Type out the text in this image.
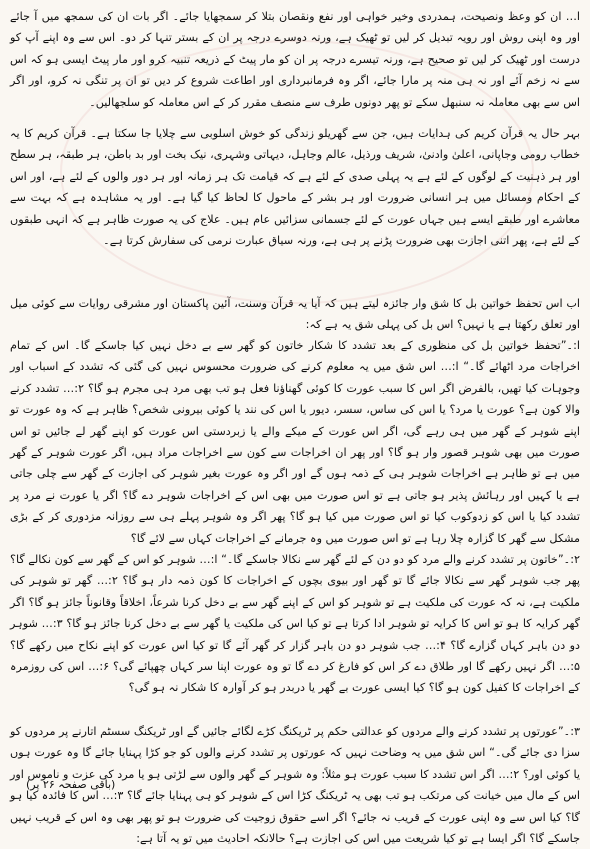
ا… ان کو وعظ ونصیحت، ہمدردی وخیر خواہی اور نفع ونقصان بتلا کر سمجھایا جائے۔ اگر بات ان کی سمجھ میں آ جائے اور وہ اپنی روش اور رویہ تبدیل کر لیں تو ٹھیک ہے، ورنہ دوسرے درجہ پر ان کے بستر تنہا کر دو۔ اس سے وہ اپنے آپ کو درست اور ٹھیک کر لیں تو صحیح ہے، ورنہ تیسرے درجہ پر ان کو مار پیٹ کے ذریعہ تنبیہ کرو اور مار پیٹ ایسی ہو کہ اس سے نہ زخم آئے اور نہ ہی منہ پر مارا جائے، اگر وہ فرمانبرداری اور اطاعت شروع کر دیں تو ان پر تنگی نہ کرو، اور اگر اس سے بھی معاملہ نہ سنبھل سکے تو پھر دونوں طرف سے منصف مقرر کر کے اس معاملہ کو سلجھالیں۔

بہر حال یہ قرآن کریم کی ہدایات ہیں، جن سے گھریلو زندگی کو خوش اسلوبی سے چلایا جا سکتا ہے۔ قرآن کریم کا یہ خطاب رومی وجاپانی، اعلیٰ وادنیٰ، شریف ورذیل، عالم وجاہل، دیہاتی وشہری، نیک بخت اور بد باطن، ہر طبقہ، ہر سطح اور ہر ذہنیت کے لوگوں کے لئے ہے یہ پہلی صدی کے لئے ہے کہ قیامت تک ہر زمانہ اور ہر دور والوں کے لئے ہے، اور اس کے احکام ومسائل میں ہر انسانی ضرورت اور ہر بشر کے ماحول کا لحاظ کیا گیا ہے۔ اور یہ مشاہدہ ہے کہ بہت سے معاشرے اور طبقے ایسے ہیں جہاں عورت کے لئے جسمانی سزائیں عام ہیں۔ علاج کی یہ صورت ظاہر ہے کہ انہی طبقوں کے لئے ہے، پھر اتنی اجازت بھی ضرورت پڑنے پر ہی ہے، ورنہ سیاق عبارت نرمی کی سفارش کرتا ہے۔

اب اس تحفظ خواتین بل کا شق وار جائزہ لیتے ہیں کہ آیا یہ قرآن وسنت، آئین پاکستان اور مشرقی روایات سے کوئی میل اور تعلق رکھتا ہے یا نہیں؟ اس بل کی پہلی شق یہ ہے کہ:

ا:۔”تحفظ خواتین بل کی منظوری کے بعد تشدد کا شکار خاتون کو گھر سے بے دخل نہیں کیا جاسکے گا۔ اس کے تمام اخراجات مرد اٹھائے گا۔“ ا:… اس شق میں یہ معلوم کرنے کی ضرورت محسوس نہیں کی گئی کہ تشدد کے اسباب اور وجوہات کیا تھیں، بالفرض اگر اس کا سبب عورت کا کوئی گھناؤنا فعل ہو تب بھی مرد ہی مجرم ہو گا؟ ۲:… تشدد کرنے والا کون ہے؟ عورت یا مرد؟ یا اس کی ساس، سسر، دیور یا اس کی نند یا کوئی بیرونی شخص؟ ظاہر ہے کہ وہ عورت تو اپنے شوہر کے گھر میں ہی رہے گی، اگر اس عورت کے میکے والے یا زبردستی اس عورت کو اپنے گھر لے جائیں تو اس صورت میں بھی شوہر قصور وار ہو گا؟ اور پھر ان اخراجات سے کون سے اخراجات مراد ہیں، اگر عورت شوہر کے گھر میں ہے تو ظاہر ہے اخراجات شوہر ہی کے ذمہ ہوں گے اور اگر وہ عورت بغیر شوہر کی اجازت کے گھر سے چلی جاتی ہے یا کہیں اور رہائش پذیر ہو جاتی ہے تو اس صورت میں بھی اس کے اخراجات شوہر دے گا؟ اگر یا عورت نے مرد پر تشدد کیا یا اس کو زدوکوب کیا تو اس صورت میں کیا ہو گا؟ پھر اگر وہ شوہر پہلے ہی سے روزانہ مزدوری کر کے بڑی مشکل سے گھر کا گزارہ چلا رہا ہے تو اس صورت میں وہ جرمانے کے اخراجات کہاں سے لائے گا؟

۲:۔”خاتون پر تشدد کرنے والے مرد کو دو دن کے لئے گھر سے نکالا جاسکے گا۔“ ا:… شوہر کو اس کے گھر سے کون نکالے گا؟ پھر جب شوہر گھر سے نکالا جائے گا تو گھر اور بیوی بچوں کے اخراجات کا کون ذمہ دار ہو گا؟ ۲:… گھر تو شوہر کی ملکیت ہے، نہ کہ عورت کی ملکیت ہے تو شوہر کو اس کے اپنے گھر سے بے دخل کرنا شرعاً، اخلاقاً وقانوناً جائز ہو گا؟ اگر گھر کرایہ کا ہو تو اس کا کرایہ تو شوہر ادا کرتا ہے تو کیا اس کی ملکیت یا گھر سے بے دخل کرنا جائز ہو گا؟ ۳:… شوہر دو دن باہر کہاں گزارے گا؟ ۴:… جب شوہر دو دن باہر گزار کر گھر آئے گا تو کیا اس عورت کو اپنے نکاح میں رکھے گا؟ ۵:… اگر نہیں رکھے گا اور طلاق دے کر اس کو فارغ کر دے گا تو وہ عورت اپنا سر کہاں چھپائے گی؟ ۶:… اس کی روزمرہ کے اخراجات کا کفیل کون ہو گا؟ کیا ایسی عورت بے گھر یا دربدر ہو کر آوارہ کا شکار نہ ہو گی؟

۳:۔”عورتوں پر تشدد کرنے والے مردوں کو عدالتی حکم پر ٹریکنگ کڑے لگائے جائیں گے اور ٹریکنگ سسٹم اتارنے پر مردوں کو سزا دی جائے گی۔“ اس شق میں یہ وضاحت نہیں کہ عورتوں پر تشدد کرنے والوں کو جو کڑا پہنایا جائے گا وہ عورت ہوں یا کوئی اور؟ ۲:… اگر اس تشدد کا سبب عورت ہو مثلاً: وہ شوہر کے گھر والوں سے لڑتی ہو یا مرد کی عزت و ناموس اور اس کے مال میں خیانت کی مرتکب ہو تب بھی یہ ٹریکنگ کڑا اس کے شوہر کو ہی پہنایا جائے گا؟ ۳:… اس کا فائدہ کیا ہو گا؟ کیا اس سے وہ اپنی عورت کے قریب نہ جائے؟ اگر اسے حقوق زوجیت کی ضرورت ہو تو پھر بھی وہ اس کے قریب نہیں جاسکے گا؟ اگر ایسا ہے تو کیا شریعت میں اس کی اجازت ہے؟ حالانکہ احادیث میں تو یہ آتا ہے:

(باقی صفحہ ۲۶ پر)
